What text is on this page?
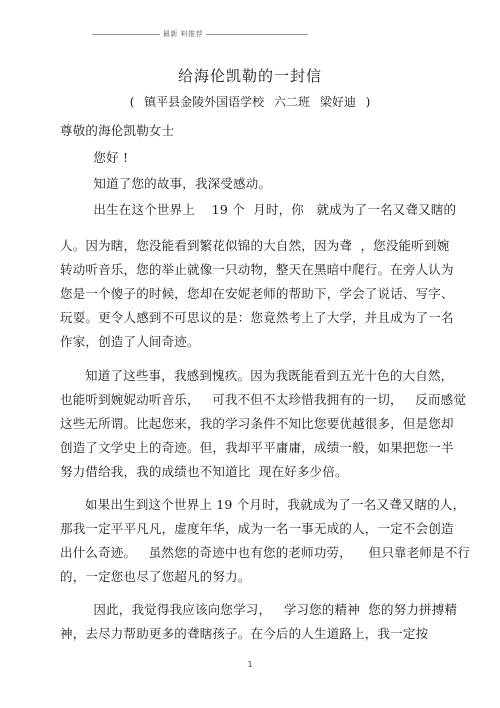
最新 料推荐
给海伦凯勒的一封信
( 镇平县金陵外国语学校 六二班 梁好迪 )
尊敬的海伦凯勒女士
您好 !
知道了您的故事，我深受感动。
出生在这个世界上    19 个  月时，你   就成为了一名又聋又瞎的
人。因为瞎，您没能看到繁花似锦的大自然，因为聋  ，您没能听到婉
转动听音乐，您的举止就像一只动物，整天在黑暗中爬行。在旁人认为
您是一个傻子的时候，您却在安妮老师的帮助下，学会了说话、写字、
玩耍。更令人感到不可思议的是：您竟然考上了大学，并且成为了一名
作家，创造了人间奇迹。
知道了这些事，我感到愧疚。因为我既能看到五光十色的大自然，
也能听到婉妮动听音乐，   可我不但不太珍惜我拥有的一切，   反而感觉
这些无所谓。比起您来，我的学习条件不知比您要优越很多，但是您却
创造了文学史上的奇迹。但，我却平平庸庸，成绩一般，如果把您一半
努力借给我，我的成绩也不知道比  现在好多少倍。
如果出生到这个世界上 19 个月时，我就成为了一名又聋又瞎的人，
那我一定平平凡凡，虚度年华，成为一名一事无成的人，一定不会创造
出什么奇迹。   虽然您的奇迹中也有您的老师功劳，    但只靠老师是不行
的，一定您也尽了您超凡的努力。
因此，我觉得我应该向您学习，   学习您的精神  您的努力拼搏精
神，去尽力帮助更多的聋瞎孩子。在今后的人生道路上，我一定按
1
